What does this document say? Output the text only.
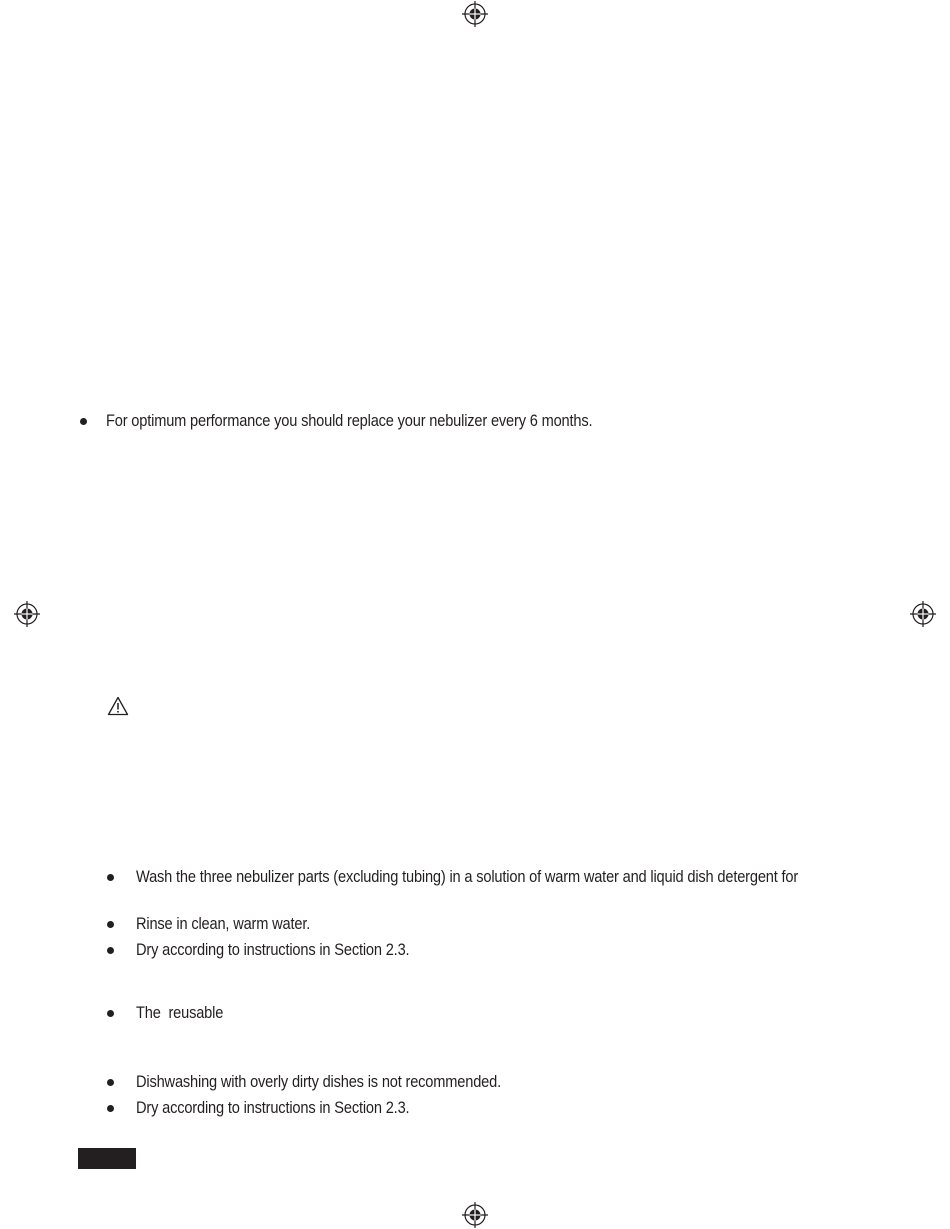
For optimum performance you should replace your nebulizer every 6 months.
Wash the three nebulizer parts (excluding tubing) in a solution of warm water and liquid dish detergent for
Rinse in clean, warm water.
Dry according to instructions in Section 2.3.
The  reusable
Dishwashing with overly dirty dishes is not recommended.
Dry according to instructions in Section 2.3.
